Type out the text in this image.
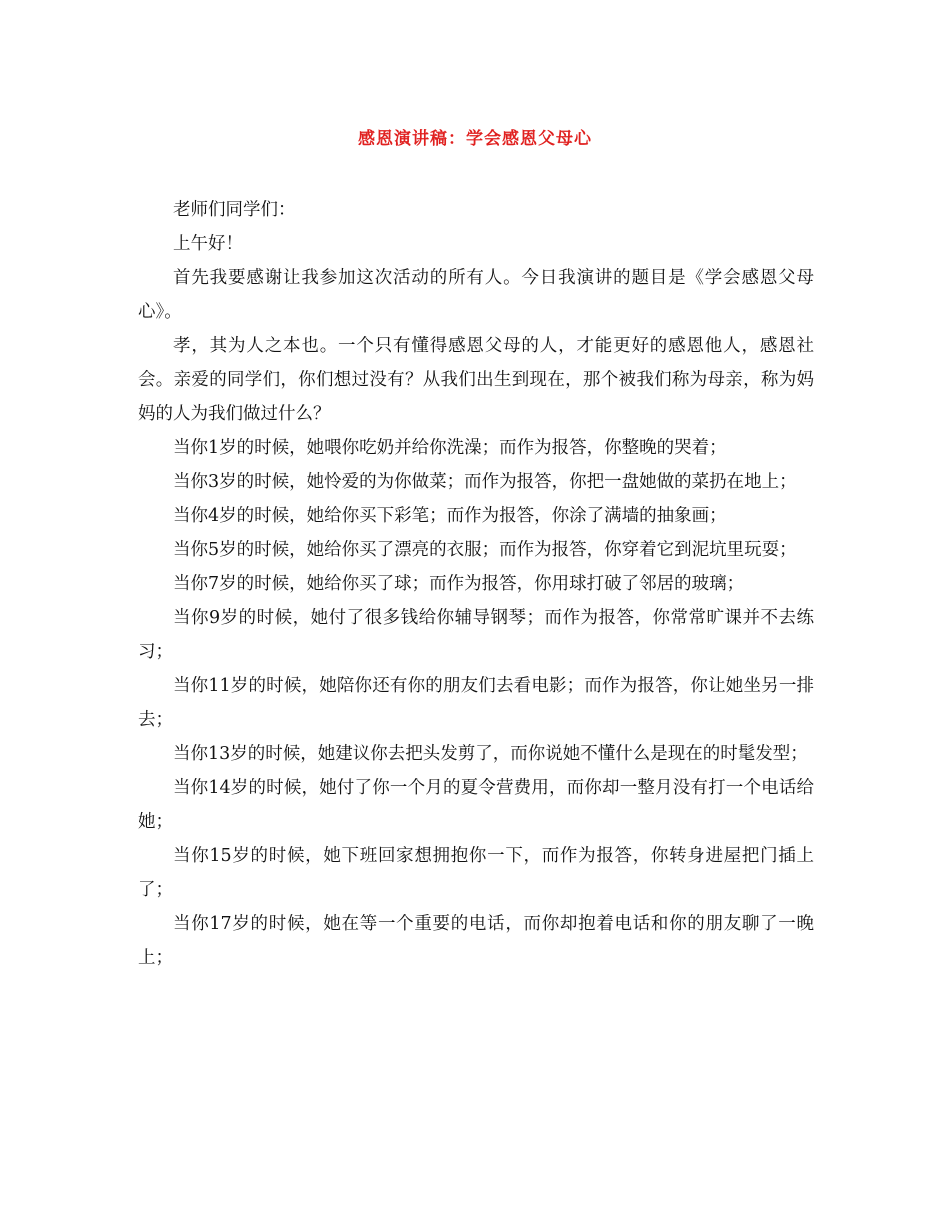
感恩演讲稿：学会感恩父母心

老师们同学们：

上午好！

首先我要感谢让我参加这次活动的所有人。今日我演讲的题目是《学会感恩父母心》。

孝，其为人之本也。一个只有懂得感恩父母的人，才能更好的感恩他人，感恩社会。亲爱的同学们，你们想过没有？从我们出生到现在，那个被我们称为母亲，称为妈妈的人为我们做过什么？

当你1岁的时候，她喂你吃奶并给你洗澡；而作为报答，你整晚的哭着；

当你3岁的时候，她怜爱的为你做菜；而作为报答，你把一盘她做的菜扔在地上；

当你4岁的时候，她给你买下彩笔；而作为报答，你涂了满墙的抽象画；

当你5岁的时候，她给你买了漂亮的衣服；而作为报答，你穿着它到泥坑里玩耍；

当你7岁的时候，她给你买了球；而作为报答，你用球打破了邻居的玻璃；

当你9岁的时候，她付了很多钱给你辅导钢琴；而作为报答，你常常旷课并不去练习；

当你11岁的时候，她陪你还有你的朋友们去看电影；而作为报答，你让她坐另一排去；

当你13岁的时候，她建议你去把头发剪了，而你说她不懂什么是现在的时髦发型；

当你14岁的时候，她付了你一个月的夏令营费用，而你却一整月没有打一个电话给她；

当你15岁的时候，她下班回家想拥抱你一下，而作为报答，你转身进屋把门插上了；

当你17岁的时候，她在等一个重要的电话，而你却抱着电话和你的朋友聊了一晚上；
